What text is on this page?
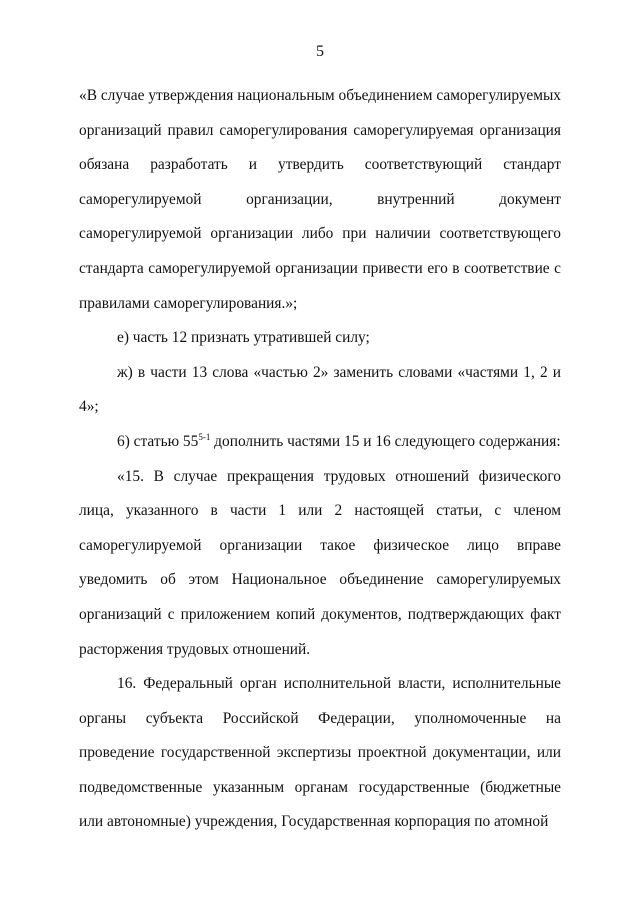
5

«В случае утверждения национальным объединением саморегулируемых организаций правил саморегулирования саморегулируемая организация обязана разработать и утвердить соответствующий стандарт саморегулируемой организации, внутренний документ саморегулируемой организации либо при наличии соответствующего стандарта саморегулируемой организации привести его в соответствие с правилами саморегулирования.»;

е) часть 12 признать утратившей силу;

ж) в части 13 слова «частью 2» заменить словами «частями 1, 2 и 4»;

6) статью 55$^{5-1}$ дополнить частями 15 и 16 следующего содержания:

«15. В случае прекращения трудовых отношений физического лица, указанного в части 1 или 2 настоящей статьи, с членом саморегулируемой организации такое физическое лицо вправе уведомить об этом Национальное объединение саморегулируемых организаций с приложением копий документов, подтверждающих факт расторжения трудовых отношений.

16. Федеральный орган исполнительной власти, исполнительные органы субъекта Российской Федерации, уполномоченные на проведение государственной экспертизы проектной документации, или подведомственные указанным органам государственные (бюджетные или автономные) учреждения, Государственная корпорация по атомной
